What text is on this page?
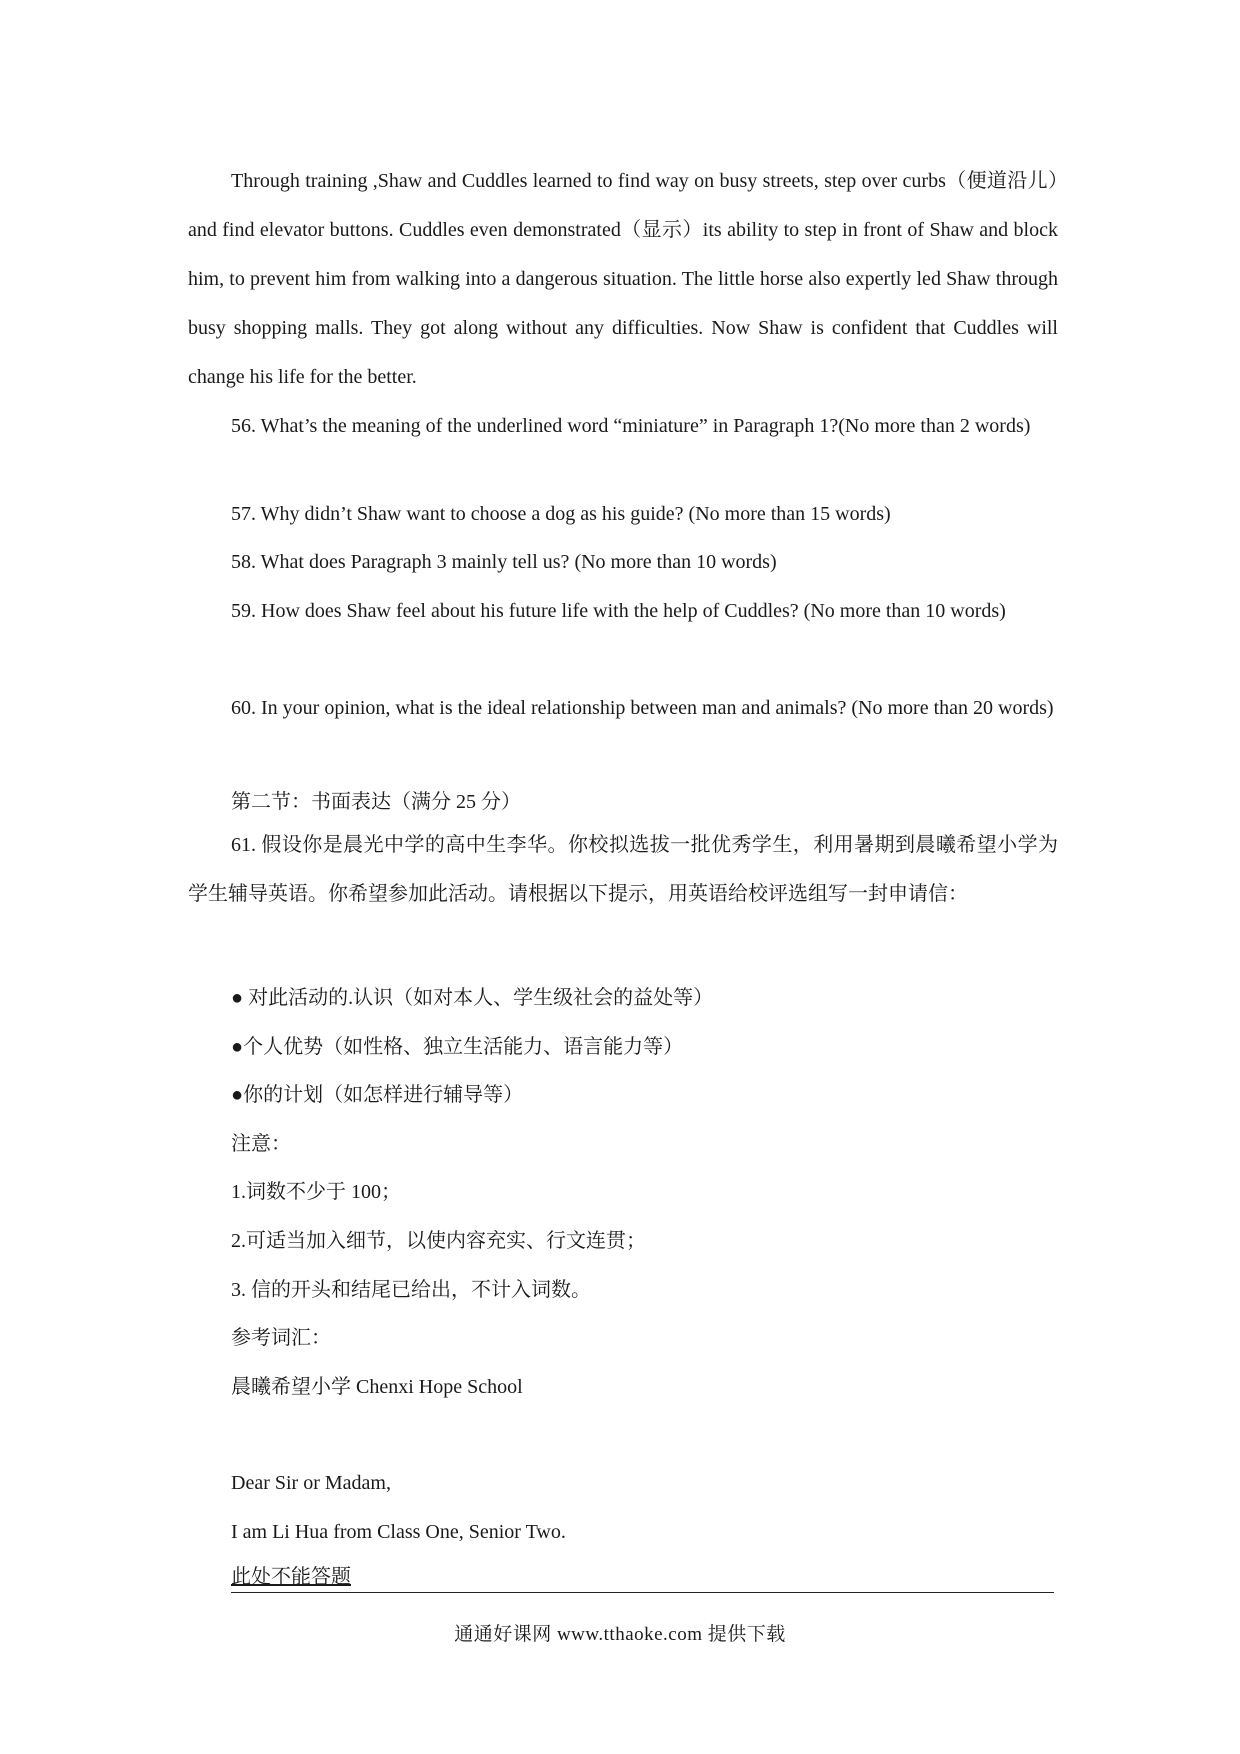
Through training ,Shaw and Cuddles learned to find way on busy streets, step over curbs（便道沿儿）and find elevator buttons. Cuddles even demonstrated（显示）its ability to step in front of Shaw and block him, to prevent him from walking into a dangerous situation. The little horse also expertly led Shaw through busy shopping malls. They got along without any difficulties. Now Shaw is confident that Cuddles will change his life for the better.
56. What’s the meaning of the underlined word “miniature” in Paragraph 1?(No more than 2 words)
57. Why didn’t Shaw want to choose a dog as his guide? (No more than 15 words)
58. What does Paragraph 3 mainly tell us? (No more than 10 words)
59. How does Shaw feel about his future life with the help of Cuddles? (No more than 10 words)
60. In your opinion, what is the ideal relationship between man and animals? (No more than 20 words)
第二节：书面表达（满分 25 分）
61. 假设你是晨光中学的高中生李华。你校拟选拔一批优秀学生，利用暑期到晨曦希望小学为学生辅导英语。你希望参加此活动。请根据以下提示，用英语给校评选组写一封申请信：
● 对此活动的.认识（如对本人、学生级社会的益处等）
●个人优势（如性格、独立生活能力、语言能力等）
●你的计划（如怎样进行辅导等）
注意：
1.词数不少于 100；
2.可适当加入细节，以使内容充实、行文连贯；
3. 信的开头和结尾已给出，不计入词数。
参考词汇：
晨曦希望小学 Chenxi Hope School
Dear Sir or Madam,
I am Li Hua from Class One, Senior Two.
此处不能答题
通通好课网 www.tthaoke.com 提供下载
